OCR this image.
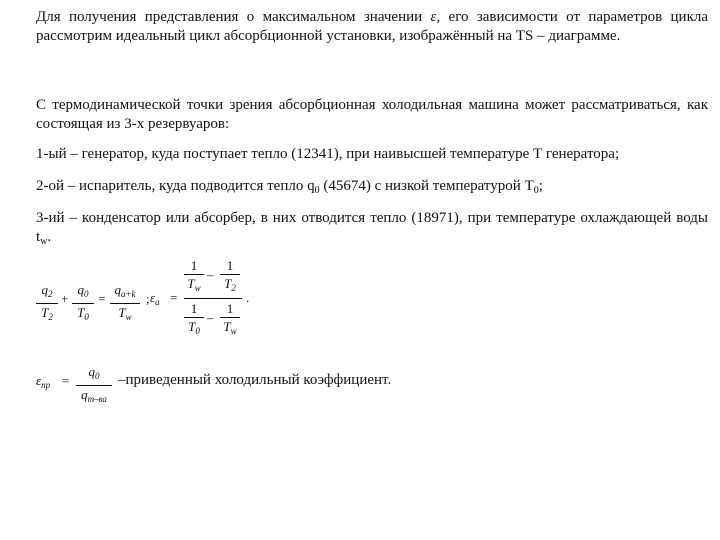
Для получения представления о максимальном значении ε, его зависимости от параметров цикла рассмотрим идеальный цикл абсорбционной установки, изображённый на TS – диаграмме.
С термодинамической точки зрения абсорбционная холодильная машина может рассматриваться, как состоящая из 3-х резервуаров:
1-ый – генератор, куда поступает тепло (12341), при наивысшей температуре Т генератора;
2-ой – испаритель, куда подводится тепло $q_0$ (45674) с низкой температурой $Т_0$;
3-ий – конденсатор или абсорбер, в них отводится тепло (18971), при температуре охлаждающей воды $t_w$.
$q_2$
$T_2$
+
$q_0$
$T_0$
=
$q_{a+k}$
$T_w$
; $\varepsilon_a$ =
1
$T_w$
–
1
$T_2$
1
$T_0$
–
1
$T_w$
.
$\varepsilon_{пр}$ =
$q_0$
$q_{т-ва}$
–приведенный холодильный коэффициент.
